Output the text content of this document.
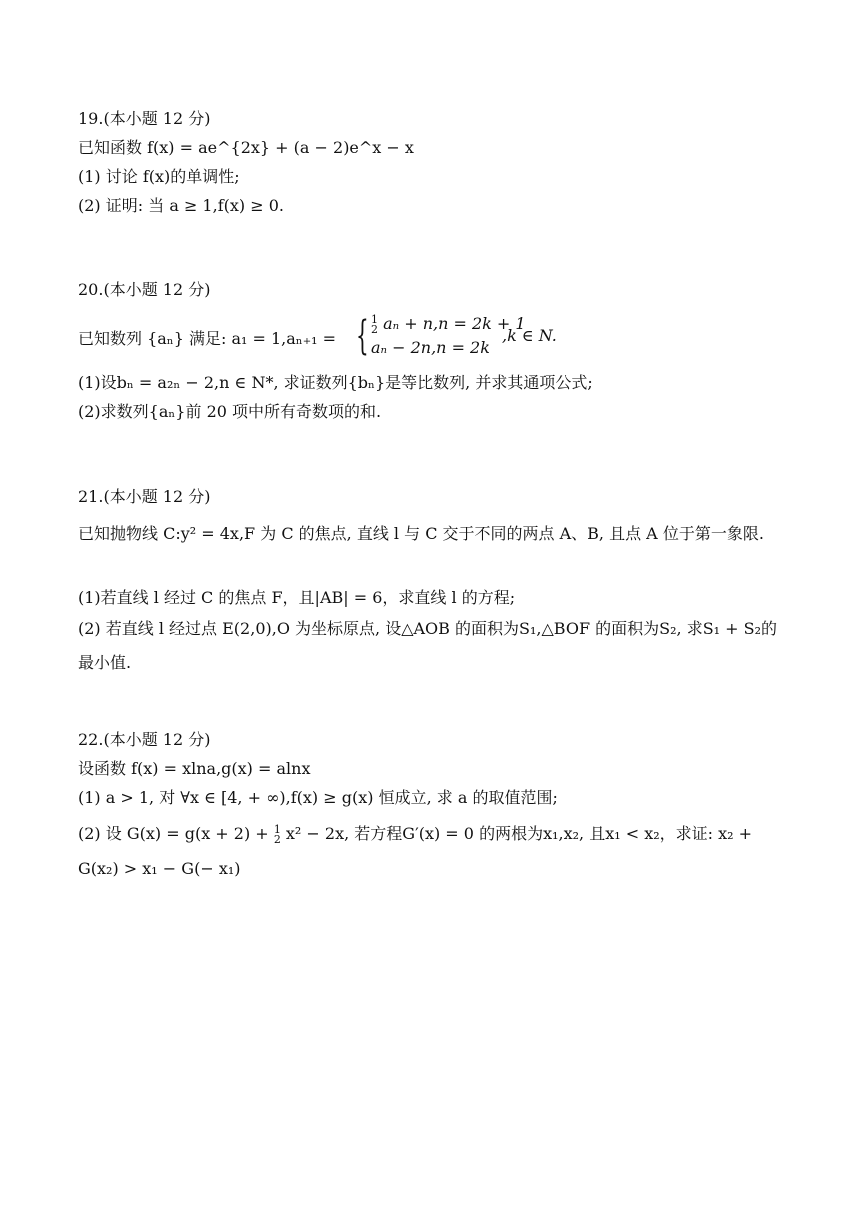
19.(本小题 12 分)
已知函数 f(x) = ae^{2x} + (a − 2)e^x − x
(1) 讨论 f(x)的单调性;
(2) 证明: 当 a ≥ 1,f(x) ≥ 0.
20.(本小题 12 分)
已知数列 {aₙ} 满足: a₁ = 1,aₙ₊₁ = { 1
2 aₙ + n,n = 2k + 1
aₙ − 2n,n = 2k
,k ∈ N.
(1)设bₙ = a₂ₙ − 2,n ∈ N*, 求证数列{bₙ}是等比数列, 并求其通项公式;
(2)求数列{aₙ}前 20 项中所有奇数项的和.
21.(本小题 12 分)
已知抛物线 C:y² = 4x,F 为 C 的焦点, 直线 l 与 C 交于不同的两点 A、B, 且点 A 位于第一象限.
(1)若直线 l 经过 C 的焦点 F，且|AB| = 6，求直线 l 的方程;
(2) 若直线 l 经过点 E(2,0),O 为坐标原点, 设△AOB 的面积为S₁,△BOF 的面积为S₂, 求S₁ + S₂的最小值.
22.(本小题 12 分)
设函数 f(x) = xlna,g(x) = alnx
(1) a > 1, 对 ∀x ∈ [4, + ∞),f(x) ≥ g(x) 恒成立, 求 a 的取值范围;
(2) 设 G(x) = g(x + 2) + 1
2 x² − 2x, 若方程G′(x) = 0 的两根为x₁,x₂, 且x₁ < x₂，求证: x₂ +
G(x₂) > x₁ − G(− x₁)
